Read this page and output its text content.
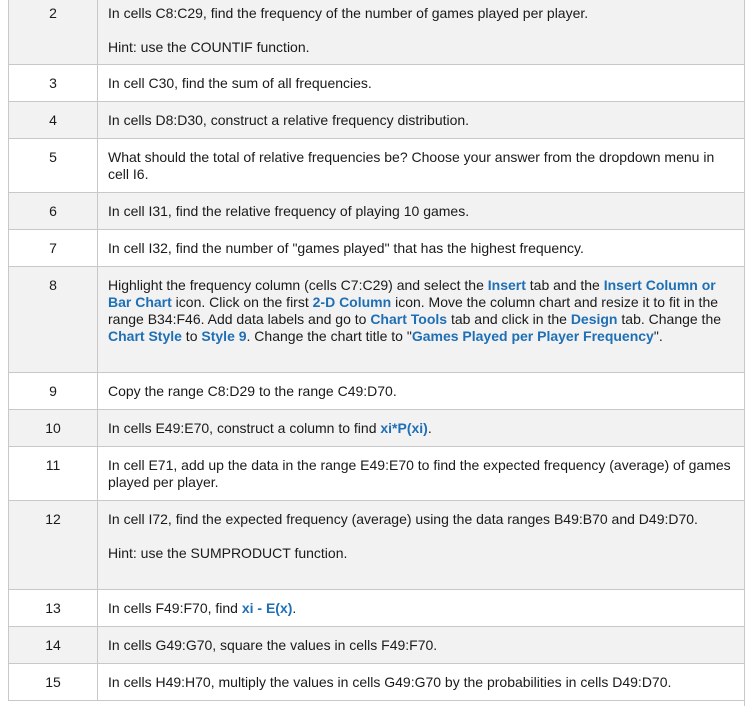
2	In cells C8:C29, find the frequency of the number of games played per player.
Hint: use the COUNTIF function.

3	In cell C30, find the sum of all frequencies.
4	In cells D8:D30, construct a relative frequency distribution.
5	What should the total of relative frequencies be? Choose your answer from the dropdown menu in cell I6.
6	In cell I31, find the relative frequency of playing 10 games.
7	In cell I32, find the number of "games played" that has the highest frequency.
8	Highlight the frequency column (cells C7:C29) and select the Insert tab and the Insert Column or Bar Chart icon. Click on the first 2-D Column icon. Move the column chart and resize it to fit in the range B34:F46. Add data labels and go to Chart Tools tab and click in the Design tab. Change the Chart Style to Style 9. Change the chart title to "Games Played per Player Frequency".
9	Copy the range C8:D29 to the range C49:D70.
10	In cells E49:E70, construct a column to find xi*P(xi).
11	In cell E71, add up the data in the range E49:E70 to find the expected frequency (average) of games played per player.
12	In cell I72, find the expected frequency (average) using the data ranges B49:B70 and D49:D70.
Hint: use the SUMPRODUCT function.

13	In cells F49:F70, find xi - E(x).
14	In cells G49:G70, square the values in cells F49:F70.
15	In cells H49:H70, multiply the values in cells G49:G70 by the probabilities in cells D49:D70.
